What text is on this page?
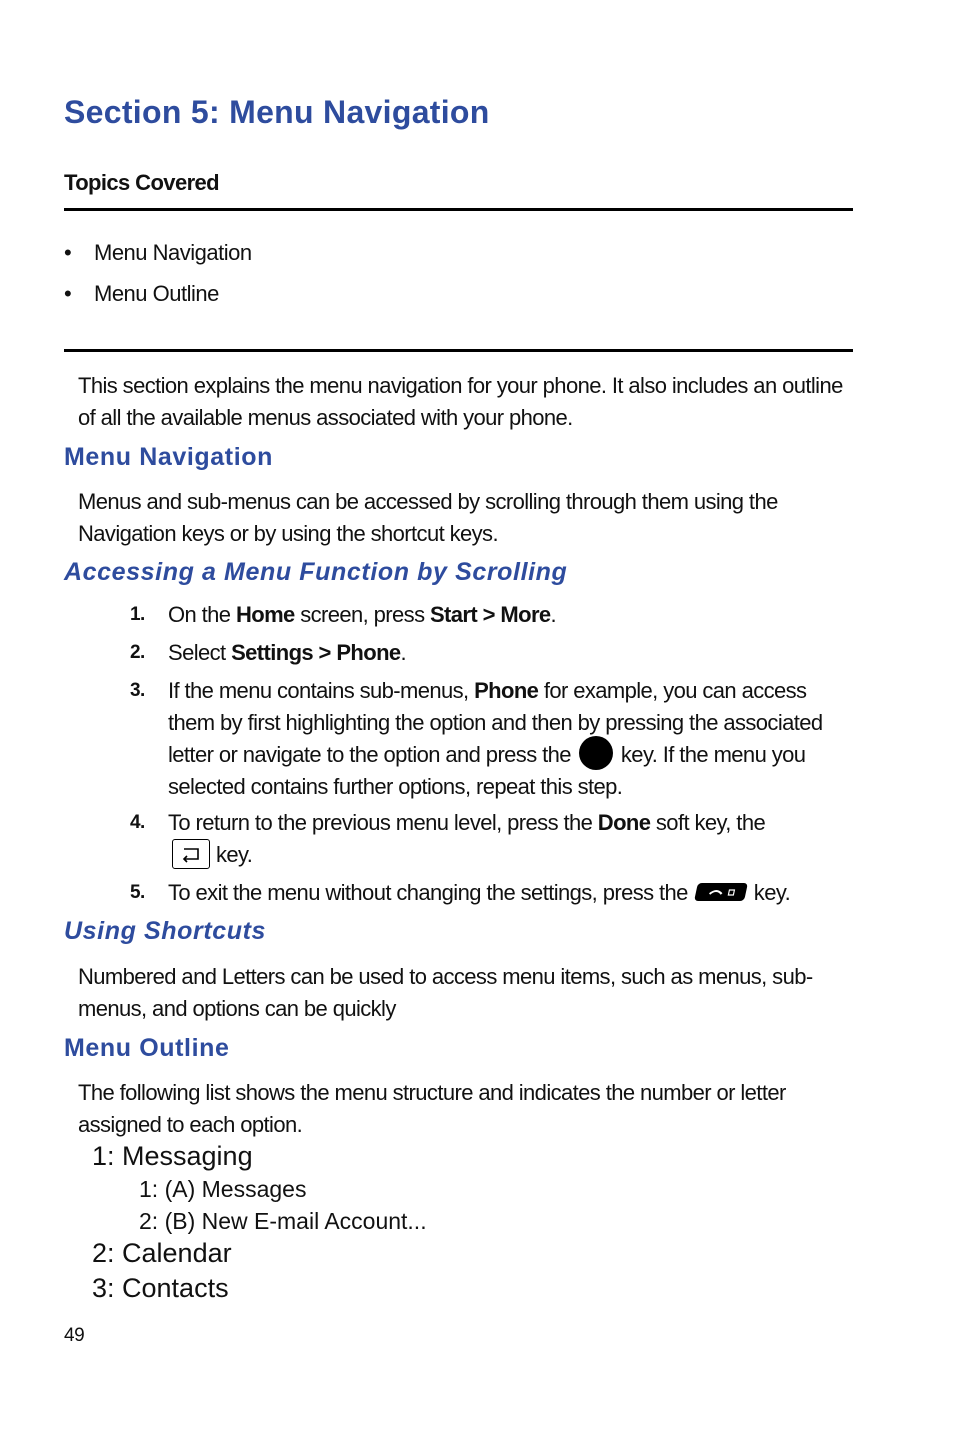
Section 5: Menu Navigation
Topics Covered
• Menu Navigation
• Menu Outline
This section explains the menu navigation for your phone. It also includes an outline of all the available menus associated with your phone.
Menu Navigation
Menus and sub-menus can be accessed by scrolling through them using the Navigation keys or by using the shortcut keys.
Accessing a Menu Function by Scrolling
1.	On the Home screen, press Start > More.
2.	Select Settings > Phone.
3.	If the menu contains sub-menus, Phone for example, you can access them by first highlighting the option and then by pressing the associated letter or navigate to the option and press the key. If the menu you selected contains further options, repeat this step.
4.	To return to the previous menu level, press the Done soft key, the
key.
5.	To exit the menu without changing the settings, press the	key.
Using Shortcuts
Numbered and Letters can be used to access menu items, such as menus, sub-menus, and options can be quickly
Menu Outline
The following list shows the menu structure and indicates the number or letter assigned to each option.
1: Messaging
1: (A) Messages
2: (B) New E-mail Account...
2: Calendar
3: Contacts
49
